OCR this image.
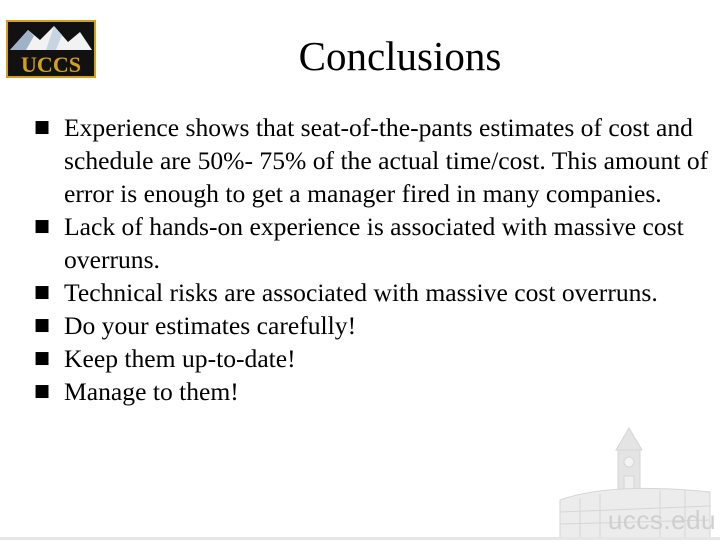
UCCS	Conclusions
■ Experience shows that seat-of-the-pants estimates of cost and schedule are 50%- 75% of the actual time/cost. This amount of error is enough to get a manager fired in many companies.
■ Lack of hands-on experience is associated with massive cost overruns.
■ Technical risks are associated with massive cost overruns.
■ Do your estimates carefully!
■ Keep them up-to-date!
■ Manage to them!
uccs.edu
